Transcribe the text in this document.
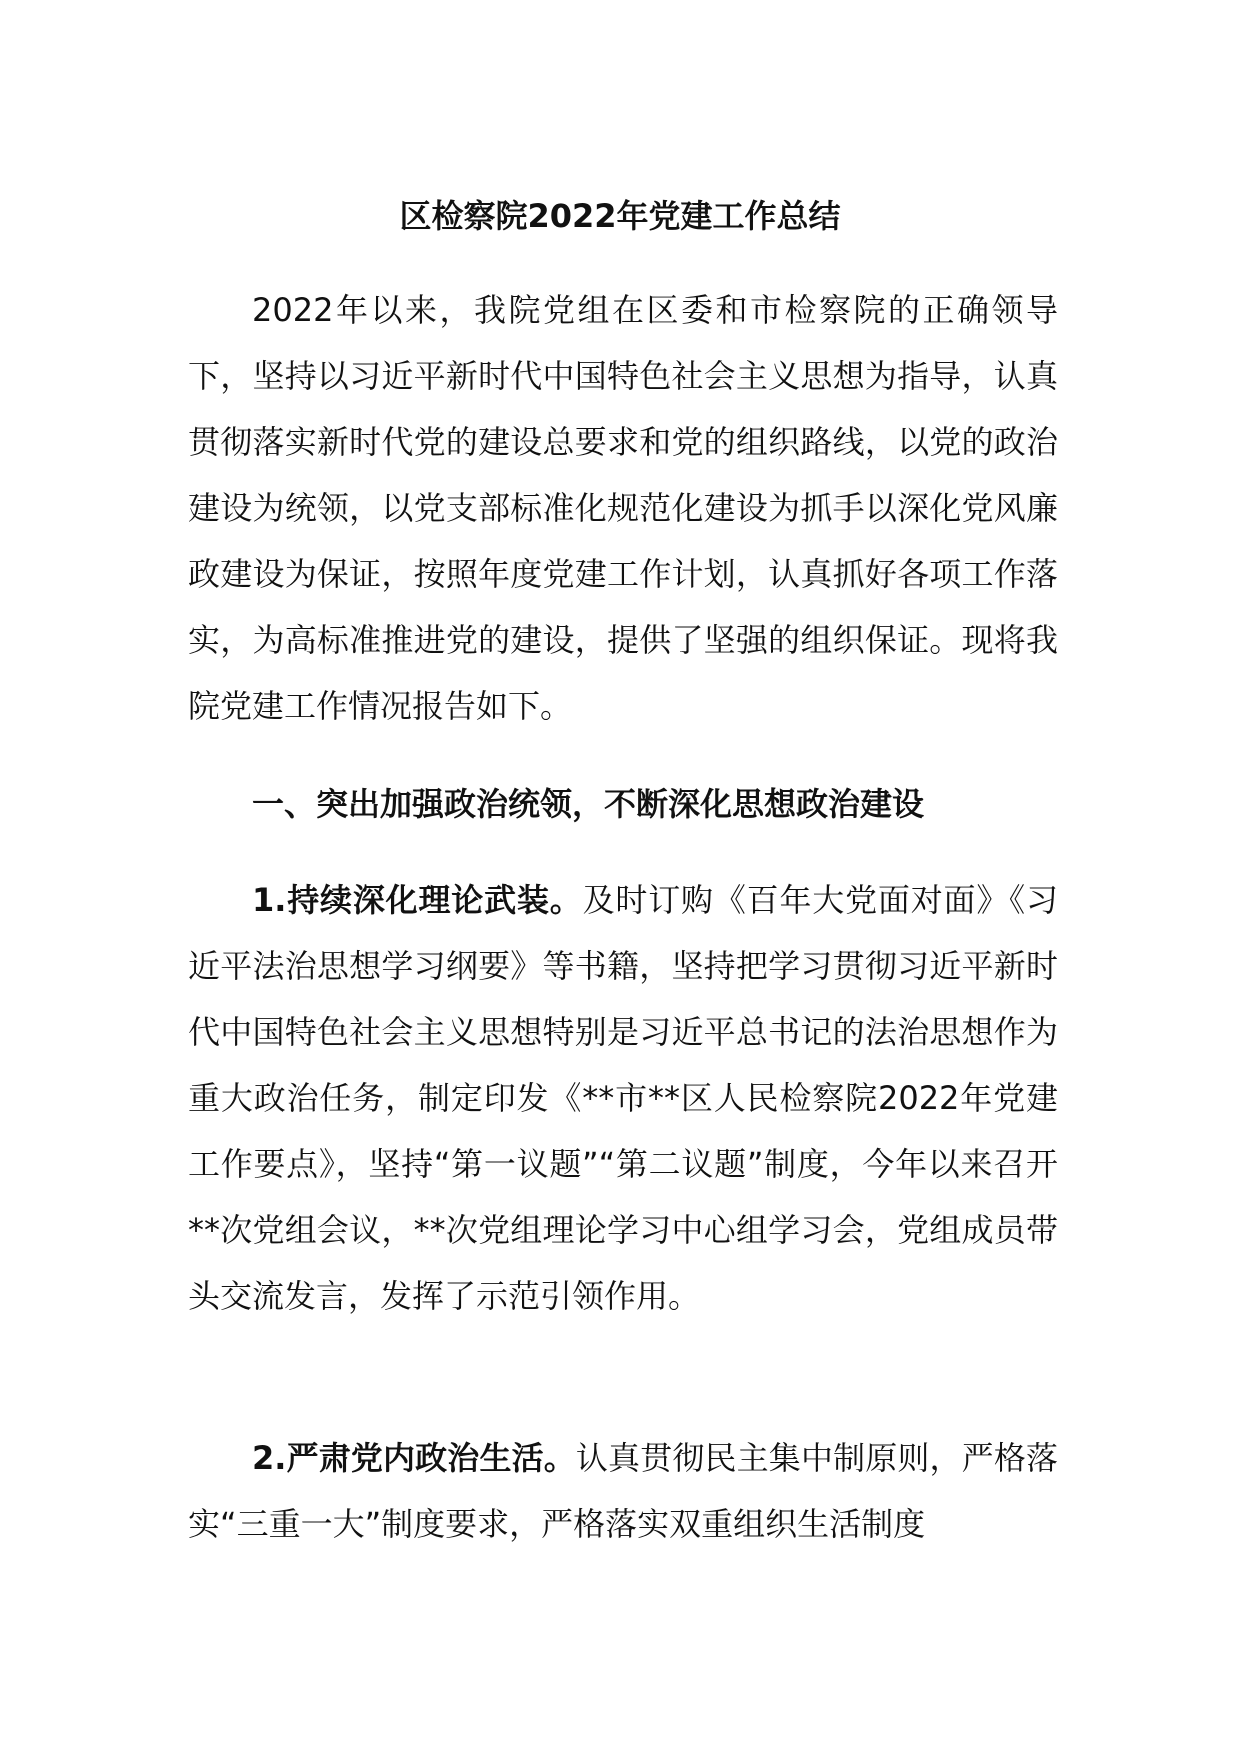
区检察院2022年党建工作总结

2022年以来，我院党组在区委和市检察院的正确领导下，坚持以习近平新时代中国特色社会主义思想为指导，认真贯彻落实新时代党的建设总要求和党的组织路线，以党的政治建设为统领，以党支部标准化规范化建设为抓手以深化党风廉政建设为保证，按照年度党建工作计划，认真抓好各项工作落实，为高标准推进党的建设，提供了坚强的组织保证。现将我院党建工作情况报告如下。

一、突出加强政治统领，不断深化思想政治建设

1.持续深化理论武装。及时订购《百年大党面对面》《习近平法治思想学习纲要》等书籍，坚持把学习贯彻习近平新时代中国特色社会主义思想特别是习近平总书记的法治思想作为重大政治任务，制定印发《**市**区人民检察院2022年党建工作要点》，坚持“第一议题”“第二议题”制度，今年以来召开**次党组会议，**次党组理论学习中心组学习会，党组成员带头交流发言，发挥了示范引领作用。

2.严肃党内政治生活。认真贯彻民主集中制原则，严格落实“三重一大”制度要求，严格落实双重组织生活制度
